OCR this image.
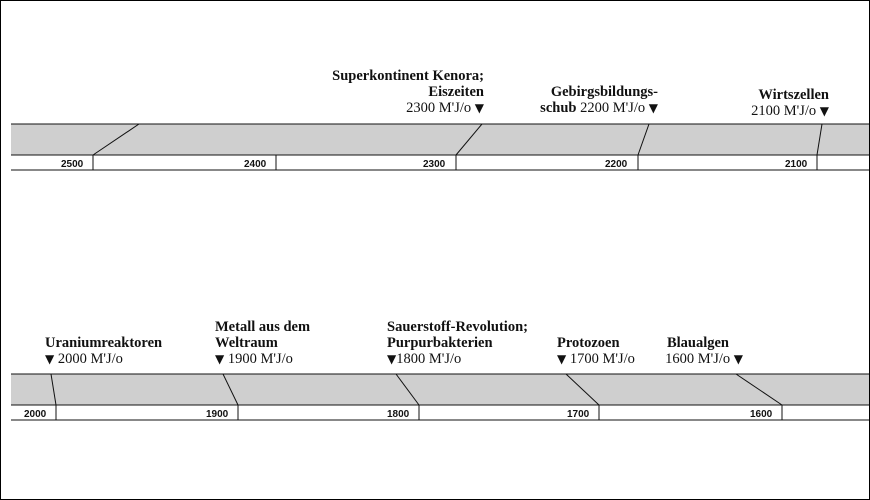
2500	2400	2300	2200	2100
2000	1900	1800	1700	1600
Superkontinent Kenora;
Eiszeiten
2300 M'J/o ▼
Gebirgsbildungs-
schub 2200 M'J/o ▼
Wirtszellen
2100 M'J/o ▼
Uraniumreaktoren
▼ 2000 M'J/o
Metall aus dem
Weltraum
▼ 1900 M'J/o
Sauerstoff-Revolution;
Purpurbakterien
▼1800 M'J/o
Protozoen
▼ 1700 M'J/o
Blaualgen
1600 M'J/o ▼
